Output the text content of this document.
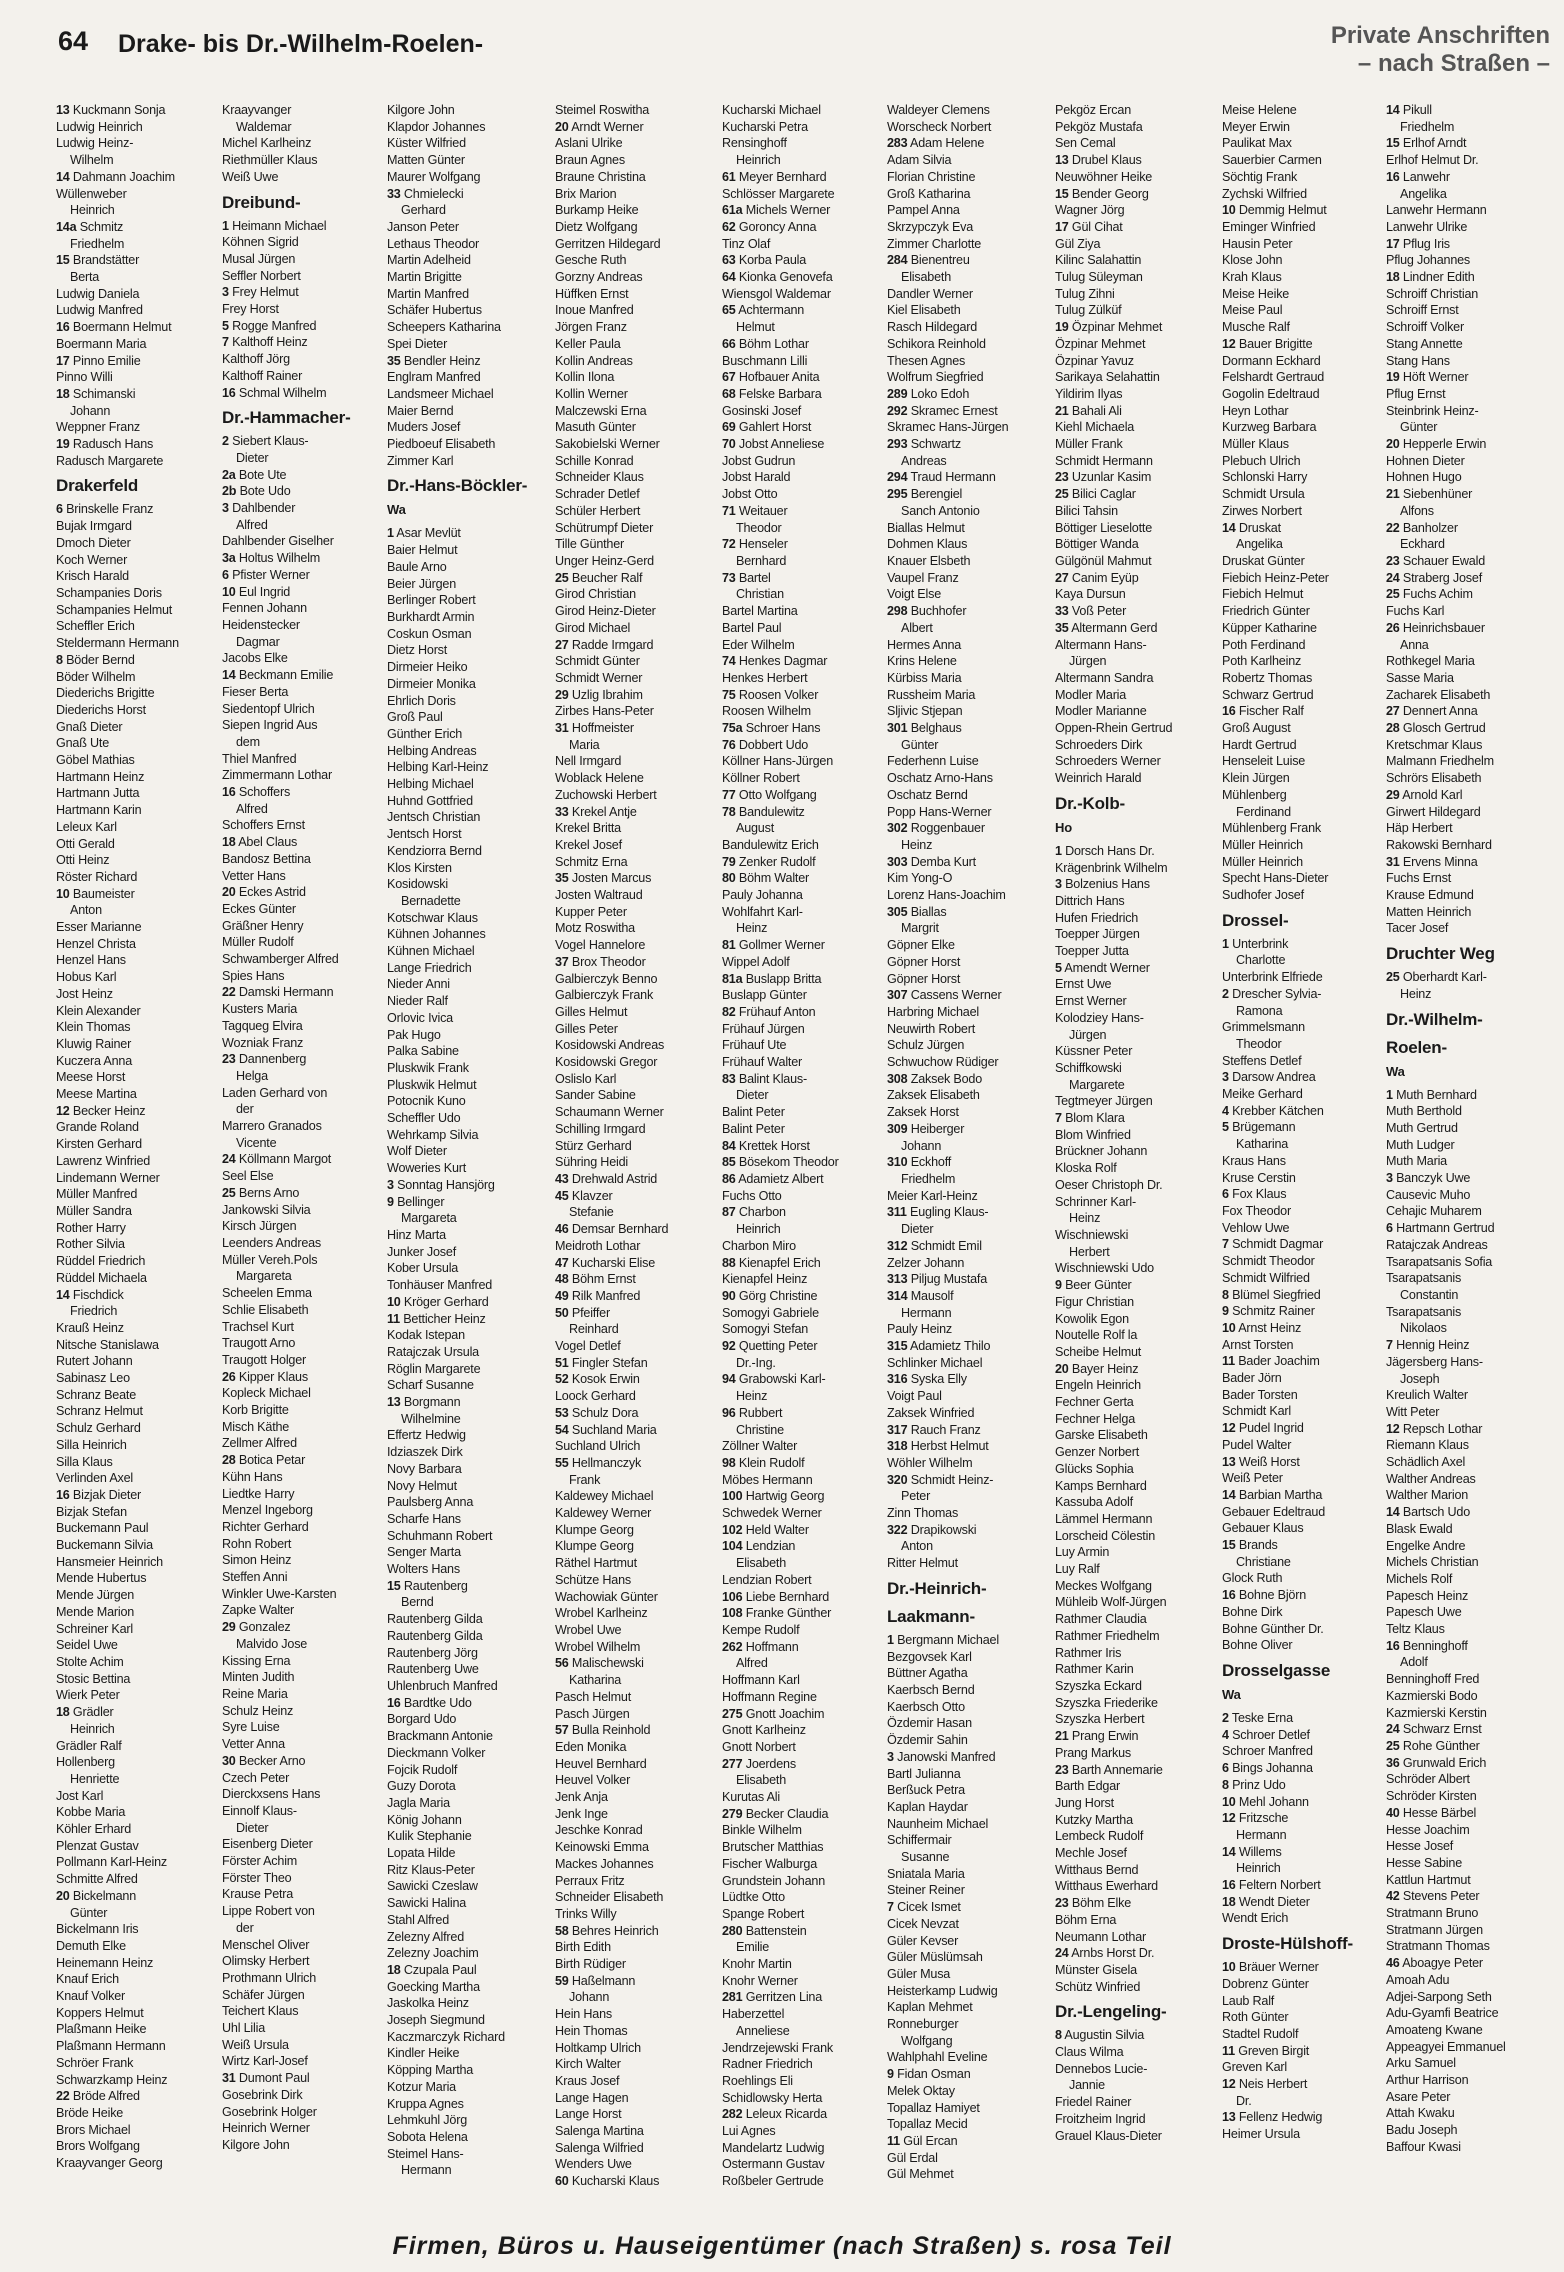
64 Drake- bis Dr.-Wilhelm-Roelen-	Private Anschriften
– nach Straßen –
13 Kuckmann Sonja
Ludwig Heinrich
Ludwig Heinz-
Wilhelm
14 Dahmann Joachim
Wüllenweber
Heinrich
14a Schmitz
Friedhelm
15 Brandstätter
Berta
Ludwig Daniela
Ludwig Manfred
16 Boermann Helmut
Boermann Maria
17 Pinno Emilie
Pinno Willi
18 Schimanski
Johann
Weppner Franz
19 Radusch Hans
Radusch Margarete
Drakerfeld
6 Brinskelle Franz
Bujak Irmgard
Dmoch Dieter
Koch Werner
Krisch Harald
Schampanies Doris
Schampanies Helmut
Scheffler Erich
Steldermann Hermann
8 Böder Bernd
Böder Wilhelm
Diederichs Brigitte
Diederichs Horst
Gnaß Dieter
Gnaß Ute
Göbel Mathias
Hartmann Heinz
Hartmann Jutta
Hartmann Karin
Leleux Karl
Otti Gerald
Otti Heinz
Röster Richard
10 Baumeister
Anton
Esser Marianne
Henzel Christa
Henzel Hans
Hobus Karl
Jost Heinz
Klein Alexander
Klein Thomas
Kluwig Rainer
Kuczera Anna
Meese Horst
Meese Martina
12 Becker Heinz
Grande Roland
Kirsten Gerhard
Lawrenz Winfried
Lindemann Werner
Müller Manfred
Müller Sandra
Rother Harry
Rother Silvia
Rüddel Friedrich
Rüddel Michaela
14 Fischdick
Friedrich
Krauß Heinz
Nitsche Stanislawa
Rutert Johann
Sabinasz Leo
Schranz Beate
Schranz Helmut
Schulz Gerhard
Silla Heinrich
Silla Klaus
Verlinden Axel
16 Bizjak Dieter
Bizjak Stefan
Buckemann Paul
Buckemann Silvia
Hansmeier Heinrich
Mende Hubertus
Mende Jürgen
Mende Marion
Schreiner Karl
Seidel Uwe
Stolte Achim
Stosic Bettina
Wierk Peter
18 Grädler
Heinrich
Grädler Ralf
Hollenberg
Henriette
Jost Karl
Kobbe Maria
Köhler Erhard
Plenzat Gustav
Pollmann Karl-Heinz
Schmitte Alfred
20 Bickelmann
Günter
Bickelmann Iris
Demuth Elke
Heinemann Heinz
Knauf Erich
Knauf Volker
Koppers Helmut
Plaßmann Heike
Plaßmann Hermann
Schröer Frank
Schwarzkamp Heinz
22 Bröde Alfred
Bröde Heike
Brors Michael
Brors Wolfgang
Kraayvanger Georg
Kraayvanger
Waldemar
Michel Karlheinz
Riethmüller Klaus
Weiß Uwe
Dreibund-
1 Heimann Michael
Köhnen Sigrid
Musal Jürgen
Seffler Norbert
3 Frey Helmut
Frey Horst
5 Rogge Manfred
7 Kalthoff Heinz
Kalthoff Jörg
Kalthoff Rainer
16 Schmal Wilhelm
Dr.-Hammacher-
2 Siebert Klaus-
Dieter
2a Bote Ute
2b Bote Udo
3 Dahlbender
Alfred
Dahlbender Giselher
3a Holtus Wilhelm
6 Pfister Werner
10 Eul Ingrid
Fennen Johann
Heidenstecker
Dagmar
Jacobs Elke
14 Beckmann Emilie
Fieser Berta
Siedentopf Ulrich
Siepen Ingrid Aus
dem
Thiel Manfred
Zimmermann Lothar
16 Schoffers
Alfred
Schoffers Ernst
18 Abel Claus
Bandosz Bettina
Vetter Hans
20 Eckes Astrid
Eckes Günter
Gräßner Henry
Müller Rudolf
Schwamberger Alfred
Spies Hans
22 Damski Hermann
Kusters Maria
Tagqueg Elvira
Wozniak Franz
23 Dannenberg
Helga
Laden Gerhard von
der
Marrero Granados
Vicente
24 Köllmann Margot
Seel Else
25 Berns Arno
Jankowski Silvia
Kirsch Jürgen
Leenders Andreas
Müller Vereh.Pols
Margareta
Scheelen Emma
Schlie Elisabeth
Trachsel Kurt
Traugott Arno
Traugott Holger
26 Kipper Klaus
Kopleck Michael
Korb Brigitte
Misch Käthe
Zellmer Alfred
28 Botica Petar
Kühn Hans
Liedtke Harry
Menzel Ingeborg
Richter Gerhard
Rohn Robert
Simon Heinz
Steffen Anni
Winkler Uwe-Karsten
Zapke Walter
29 Gonzalez
Malvido Jose
Kissing Erna
Minten Judith
Reine Maria
Schulz Heinz
Syre Luise
Vetter Anna
30 Becker Arno
Czech Peter
Dierckxsens Hans
Einnolf Klaus-
Dieter
Eisenberg Dieter
Förster Achim
Förster Theo
Krause Petra
Lippe Robert von
der
Menschel Oliver
Olimsky Herbert
Prothmann Ulrich
Schäfer Jürgen
Teichert Klaus
Uhl Lilia
Weiß Ursula
Wirtz Karl-Josef
31 Dumont Paul
Gosebrink Dirk
Gosebrink Holger
Heinrich Werner
Kilgore John
Kilgore John
Klapdor Johannes
Küster Wilfried
Matten Günter
Maurer Wolfgang
33 Chmielecki
Gerhard
Janson Peter
Lethaus Theodor
Martin Adelheid
Martin Brigitte
Martin Manfred
Schäfer Hubertus
Scheepers Katharina
Spei Dieter
35 Bendler Heinz
Englram Manfred
Landsmeer Michael
Maier Bernd
Muders Josef
Piedboeuf Elisabeth
Zimmer Karl
Dr.-Hans-Böckler-
Wa
1 Asar Mevlüt
Baier Helmut
Baule Arno
Beier Jürgen
Berlinger Robert
Burkhardt Armin
Coskun Osman
Dietz Horst
Dirmeier Heiko
Dirmeier Monika
Ehrlich Doris
Groß Paul
Günther Erich
Helbing Andreas
Helbing Karl-Heinz
Helbing Michael
Huhnd Gottfried
Jentsch Christian
Jentsch Horst
Kendziorra Bernd
Klos Kirsten
Kosidowski
Bernadette
Kotschwar Klaus
Kühnen Johannes
Kühnen Michael
Lange Friedrich
Nieder Anni
Nieder Ralf
Orlovic Ivica
Pak Hugo
Palka Sabine
Pluskwik Frank
Pluskwik Helmut
Potocnik Kuno
Scheffler Udo
Wehrkamp Silvia
Wolf Dieter
Woweries Kurt
3 Sonntag Hansjörg
9 Bellinger
Margareta
Hinz Marta
Junker Josef
Kober Ursula
Tonhäuser Manfred
10 Kröger Gerhard
11 Betticher Heinz
Kodak Istepan
Ratajczak Ursula
Röglin Margarete
Scharf Susanne
13 Borgmann
Wilhelmine
Effertz Hedwig
Idziaszek Dirk
Novy Barbara
Novy Helmut
Paulsberg Anna
Scharfe Hans
Schuhmann Robert
Senger Marta
Wolters Hans
15 Rautenberg
Bernd
Rautenberg Gilda
Rautenberg Gilda
Rautenberg Jörg
Rautenberg Uwe
Uhlenbruch Manfred
16 Bardtke Udo
Borgard Udo
Brackmann Antonie
Dieckmann Volker
Fojcik Rudolf
Guzy Dorota
Jagla Maria
König Johann
Kulik Stephanie
Lopata Hilde
Ritz Klaus-Peter
Sawicki Czeslaw
Sawicki Halina
Stahl Alfred
Zelezny Alfred
Zelezny Joachim
18 Czupala Paul
Goecking Martha
Jaskolka Heinz
Joseph Siegmund
Kaczmarczyk Richard
Kindler Heike
Köpping Martha
Kotzur Maria
Kruppa Agnes
Lehmkuhl Jörg
Sobota Helena
Steimel Hans-
Hermann
Steimel Roswitha
20 Arndt Werner
Aslani Ulrike
Braun Agnes
Braune Christina
Brix Marion
Burkamp Heike
Dietz Wolfgang
Gerritzen Hildegard
Gesche Ruth
Gorzny Andreas
Hüffken Ernst
Inoue Manfred
Jörgen Franz
Keller Paula
Kollin Andreas
Kollin Ilona
Kollin Werner
Malczewski Erna
Masuth Günter
Sakobielski Werner
Schille Konrad
Schneider Klaus
Schrader Detlef
Schüler Herbert
Schütrumpf Dieter
Tille Günther
Unger Heinz-Gerd
25 Beucher Ralf
Girod Christian
Girod Heinz-Dieter
Girod Michael
27 Radde Irmgard
Schmidt Günter
Schmidt Werner
29 Uzlig Ibrahim
Zirbes Hans-Peter
31 Hoffmeister
Maria
Nell Irmgard
Woblack Helene
Zuchowski Herbert
33 Krekel Antje
Krekel Britta
Krekel Josef
Schmitz Erna
35 Josten Marcus
Josten Waltraud
Kupper Peter
Motz Roswitha
Vogel Hannelore
37 Brox Theodor
Galbierczyk Benno
Galbierczyk Frank
Gilles Helmut
Gilles Peter
Kosidowski Andreas
Kosidowski Gregor
Oslislo Karl
Sander Sabine
Schaumann Werner
Schilling Irmgard
Stürz Gerhard
Sühring Heidi
43 Drehwald Astrid
45 Klavzer
Stefanie
46 Demsar Bernhard
Meidroth Lothar
47 Kucharski Elise
48 Böhm Ernst
49 Rilk Manfred
50 Pfeiffer
Reinhard
Vogel Detlef
51 Fingler Stefan
52 Kosok Erwin
Loock Gerhard
53 Schulz Dora
54 Suchland Maria
Suchland Ulrich
55 Hellmanczyk
Frank
Kaldewey Michael
Kaldewey Werner
Klumpe Georg
Klumpe Georg
Räthel Hartmut
Schütze Hans
Wachowiak Günter
Wrobel Karlheinz
Wrobel Uwe
Wrobel Wilhelm
56 Malischewski
Katharina
Pasch Helmut
Pasch Jürgen
57 Bulla Reinhold
Eden Monika
Heuvel Bernhard
Heuvel Volker
Jenk Anja
Jenk Inge
Jeschke Konrad
Keinowski Emma
Mackes Johannes
Perraux Fritz
Schneider Elisabeth
Trinks Willy
58 Behres Heinrich
Birth Edith
Birth Rüdiger
59 Haßelmann
Johann
Hein Hans
Hein Thomas
Holtkamp Ulrich
Kirch Walter
Kraus Josef
Lange Hagen
Lange Horst
Salenga Martina
Salenga Wilfried
Wenders Uwe
60 Kucharski Klaus
Kucharski Michael
Kucharski Petra
Rensinghoff
Heinrich
61 Meyer Bernhard
Schlösser Margarete
61a Michels Werner
62 Goroncy Anna
Tinz Olaf
63 Korba Paula
64 Kionka Genovefa
Wiensgol Waldemar
65 Achtermann
Helmut
66 Böhm Lothar
Buschmann Lilli
67 Hofbauer Anita
68 Felske Barbara
Gosinski Josef
69 Gahlert Horst
70 Jobst Anneliese
Jobst Gudrun
Jobst Harald
Jobst Otto
71 Weitauer
Theodor
72 Henseler
Bernhard
73 Bartel
Christian
Bartel Martina
Bartel Paul
Eder Wilhelm
74 Henkes Dagmar
Henkes Herbert
75 Roosen Volker
Roosen Wilhelm
75a Schroer Hans
76 Dobbert Udo
Köllner Hans-Jürgen
Köllner Robert
77 Otto Wolfgang
78 Bandulewitz
August
Bandulewitz Erich
79 Zenker Rudolf
80 Böhm Walter
Pauly Johanna
Wohlfahrt Karl-
Heinz
81 Gollmer Werner
Wippel Adolf
81a Buslapp Britta
Buslapp Günter
82 Frühauf Anton
Frühauf Jürgen
Frühauf Ute
Frühauf Walter
83 Balint Klaus-
Dieter
Balint Peter
Balint Peter
84 Krettek Horst
85 Bösekom Theodor
86 Adamietz Albert
Fuchs Otto
87 Charbon
Heinrich
Charbon Miro
88 Kienapfel Erich
Kienapfel Heinz
90 Görg Christine
Somogyi Gabriele
Somogyi Stefan
92 Quetting Peter
Dr.-Ing.
94 Grabowski Karl-
Heinz
96 Rubbert
Christine
Zöllner Walter
98 Klein Rudolf
Möbes Hermann
100 Hartwig Georg
Schwedek Werner
102 Held Walter
104 Lendzian
Elisabeth
Lendzian Robert
106 Liebe Bernhard
108 Franke Günther
Kempe Rudolf
262 Hoffmann
Alfred
Hoffmann Karl
Hoffmann Regine
275 Gnott Joachim
Gnott Karlheinz
Gnott Norbert
277 Joerdens
Elisabeth
Kurutas Ali
279 Becker Claudia
Binkle Wilhelm
Brutscher Matthias
Fischer Walburga
Grundstein Johann
Lüdtke Otto
Spange Robert
280 Battenstein
Emilie
Knohr Martin
Knohr Werner
281 Gerritzen Lina
Haberzettel
Anneliese
Jendrzejewski Frank
Radner Friedrich
Roehlings Eli
Schidlowsky Herta
282 Leleux Ricarda
Lui Agnes
Mandelartz Ludwig
Ostermann Gustav
Roßbeler Gertrude
Waldeyer Clemens
Worscheck Norbert
283 Adam Helene
Adam Silvia
Florian Christine
Groß Katharina
Pampel Anna
Skrzypczyk Eva
Zimmer Charlotte
284 Bienentreu
Elisabeth
Dandler Werner
Kiel Elisabeth
Rasch Hildegard
Schikora Reinhold
Thesen Agnes
Wolfrum Siegfried
289 Loko Edoh
292 Skramec Ernest
Skramec Hans-Jürgen
293 Schwartz
Andreas
294 Traud Hermann
295 Berengiel
Sanch Antonio
Biallas Helmut
Dohmen Klaus
Knauer Elsbeth
Vaupel Franz
Voigt Else
298 Buchhofer
Albert
Hermes Anna
Krins Helene
Kürbiss Maria
Russheim Maria
Sljivic Stjepan
301 Belghaus
Günter
Federhenn Luise
Oschatz Arno-Hans
Oschatz Bernd
Popp Hans-Werner
302 Roggenbauer
Heinz
303 Demba Kurt
Kim Yong-O
Lorenz Hans-Joachim
305 Biallas
Margrit
Göpner Elke
Göpner Horst
Göpner Horst
307 Cassens Werner
Harbring Michael
Neuwirth Robert
Schulz Jürgen
Schwuchow Rüdiger
308 Zaksek Bodo
Zaksek Elisabeth
Zaksek Horst
309 Heiberger
Johann
310 Eckhoff
Friedhelm
Meier Karl-Heinz
311 Eugling Klaus-
Dieter
312 Schmidt Emil
Zelzer Johann
313 Piljug Mustafa
314 Mausolf
Hermann
Pauly Heinz
315 Adamietz Thilo
Schlinker Michael
316 Syska Elly
Voigt Paul
Zaksek Winfried
317 Rauch Franz
318 Herbst Helmut
Wöhler Wilhelm
320 Schmidt Heinz-
Peter
Zinn Thomas
322 Drapikowski
Anton
Ritter Helmut
Dr.-Heinrich-
Laakmann-
1 Bergmann Michael
Bezgovsek Karl
Büttner Agatha
Kaerbsch Bernd
Kaerbsch Otto
Özdemir Hasan
Özdemir Sahin
3 Janowski Manfred
Bartl Julianna
Berßuck Petra
Kaplan Haydar
Naunheim Michael
Schiffermair
Susanne
Sniatala Maria
Steiner Reiner
7 Cicek Ismet
Cicek Nevzat
Güler Kevser
Güler Müslümsah
Güler Musa
Heisterkamp Ludwig
Kaplan Mehmet
Ronneburger
Wolfgang
Wahlphahl Eveline
9 Fidan Osman
Melek Oktay
Topallaz Hamiyet
Topallaz Mecid
11 Gül Ercan
Gül Erdal
Gül Mehmet
Pekgöz Ercan
Pekgöz Mustafa
Sen Cemal
13 Drubel Klaus
Neuwöhner Heike
15 Bender Georg
Wagner Jörg
17 Gül Cihat
Gül Ziya
Kilinc Salahattin
Tulug Süleyman
Tulug Zihni
Tulug Zülküf
19 Özpinar Mehmet
Özpinar Mehmet
Özpinar Yavuz
Sarikaya Selahattin
Yildirim Ilyas
21 Bahali Ali
Kiehl Michaela
Müller Frank
Schmidt Hermann
23 Uzunlar Kasim
25 Bilici Caglar
Bilici Tahsin
Böttiger Lieselotte
Böttiger Wanda
Gülgönül Mahmut
27 Canim Eyüp
Kaya Dursun
33 Voß Peter
35 Altermann Gerd
Altermann Hans-
Jürgen
Altermann Sandra
Modler Maria
Modler Marianne
Oppen-Rhein Gertrud
Schroeders Dirk
Schroeders Werner
Weinrich Harald
Dr.-Kolb-
Ho
1 Dorsch Hans Dr.
Krägenbrink Wilhelm
3 Bolzenius Hans
Dittrich Hans
Hufen Friedrich
Toepper Jürgen
Toepper Jutta
5 Amendt Werner
Ernst Uwe
Ernst Werner
Kolodziey Hans-
Jürgen
Küssner Peter
Schiffkowski
Margarete
Tegtmeyer Jürgen
7 Blom Klara
Blom Winfried
Brückner Johann
Kloska Rolf
Oeser Christoph Dr.
Schrinner Karl-
Heinz
Wischniewski
Herbert
Wischniewski Udo
9 Beer Günter
Figur Christian
Kowolik Egon
Noutelle Rolf la
Scheibe Helmut
20 Bayer Heinz
Engeln Heinrich
Fechner Gerta
Fechner Helga
Garske Elisabeth
Genzer Norbert
Glücks Sophia
Kamps Bernhard
Kassuba Adolf
Lämmel Hermann
Lorscheid Cölestin
Luy Armin
Luy Ralf
Meckes Wolfgang
Mühleib Wolf-Jürgen
Rathmer Claudia
Rathmer Friedhelm
Rathmer Iris
Rathmer Karin
Szyszka Eckard
Szyszka Friederike
Szyszka Herbert
21 Prang Erwin
Prang Markus
23 Barth Annemarie
Barth Edgar
Jung Horst
Kutzky Martha
Lembeck Rudolf
Mechle Josef
Witthaus Bernd
Witthaus Ewerhard
23 Böhm Elke
Böhm Erna
Neumann Lothar
24 Arnbs Horst Dr.
Münster Gisela
Schütz Winfried
Dr.-Lengeling-
8 Augustin Silvia
Claus Wilma
Dennebos Lucie-
Jannie
Friedel Rainer
Froitzheim Ingrid
Grauel Klaus-Dieter
Meise Helene
Meyer Erwin
Paulikat Max
Sauerbier Carmen
Söchtig Frank
Zychski Wilfried
10 Demmig Helmut
Eminger Winfried
Hausin Peter
Klose John
Krah Klaus
Meise Heike
Meise Paul
Musche Ralf
12 Bauer Brigitte
Dormann Eckhard
Felshardt Gertraud
Gogolin Edeltraud
Heyn Lothar
Kurzweg Barbara
Müller Klaus
Plebuch Ulrich
Schlonski Harry
Schmidt Ursula
Zirwes Norbert
14 Druskat
Angelika
Druskat Günter
Fiebich Heinz-Peter
Fiebich Helmut
Friedrich Günter
Küpper Katharine
Poth Ferdinand
Poth Karlheinz
Robertz Thomas
Schwarz Gertrud
16 Fischer Ralf
Groß August
Hardt Gertrud
Henseleit Luise
Klein Jürgen
Mühlenberg
Ferdinand
Mühlenberg Frank
Müller Heinrich
Müller Heinrich
Specht Hans-Dieter
Sudhofer Josef
Drossel-
1 Unterbrink
Charlotte
Unterbrink Elfriede
2 Drescher Sylvia-
Ramona
Grimmelsmann
Theodor
Steffens Detlef
3 Darsow Andrea
Meike Gerhard
4 Krebber Kätchen
5 Brügemann
Katharina
Kraus Hans
Kruse Cerstin
6 Fox Klaus
Fox Theodor
Vehlow Uwe
7 Schmidt Dagmar
Schmidt Theodor
Schmidt Wilfried
8 Blümel Siegfried
9 Schmitz Rainer
10 Arnst Heinz
Arnst Torsten
11 Bader Joachim
Bader Jörn
Bader Torsten
Schmidt Karl
12 Pudel Ingrid
Pudel Walter
13 Weiß Horst
Weiß Peter
14 Barbian Martha
Gebauer Edeltraud
Gebauer Klaus
15 Brands
Christiane
Glock Ruth
16 Bohne Björn
Bohne Dirk
Bohne Günther Dr.
Bohne Oliver
Drosselgasse
Wa
2 Teske Erna
4 Schroer Detlef
Schroer Manfred
6 Bings Johanna
8 Prinz Udo
10 Mehl Johann
12 Fritzsche
Hermann
14 Willems
Heinrich
16 Feltern Norbert
18 Wendt Dieter
Wendt Erich
Droste-Hülshoff-
10 Bräuer Werner
Dobrenz Günter
Laub Ralf
Roth Günter
Stadtel Rudolf
11 Greven Birgit
Greven Karl
12 Neis Herbert
Dr.
13 Fellenz Hedwig
Heimer Ursula
14 Pikull
Friedhelm
15 Erlhof Arndt
Erlhof Helmut Dr.
16 Lanwehr
Angelika
Lanwehr Hermann
Lanwehr Ulrike
17 Pflug Iris
Pflug Johannes
18 Lindner Edith
Schroiff Christian
Schroiff Ernst
Schroiff Volker
Stang Annette
Stang Hans
19 Höft Werner
Pflug Ernst
Steinbrink Heinz-
Günter
20 Hepperle Erwin
Hohnen Dieter
Hohnen Hugo
21 Siebenhüner
Alfons
22 Banholzer
Eckhard
23 Schauer Ewald
24 Straberg Josef
25 Fuchs Achim
Fuchs Karl
26 Heinrichsbauer
Anna
Rothkegel Maria
Sasse Maria
Zacharek Elisabeth
27 Dennert Anna
28 Glosch Gertrud
Kretschmar Klaus
Malmann Friedhelm
Schrörs Elisabeth
29 Arnold Karl
Girwert Hildegard
Häp Herbert
Rakowski Bernhard
31 Ervens Minna
Fuchs Ernst
Krause Edmund
Matten Heinrich
Tacer Josef
Druchter Weg
25 Oberhardt Karl-
Heinz
Dr.-Wilhelm-
Roelen-
Wa
1 Muth Bernhard
Muth Berthold
Muth Gertrud
Muth Ludger
Muth Maria
3 Banczyk Uwe
Causevic Muho
Cehajic Muharem
6 Hartmann Gertrud
Ratajczak Andreas
Tsarapatsanis Sofia
Tsarapatsanis
Constantin
Tsarapatsanis
Nikolaos
7 Hennig Heinz
Jägersberg Hans-
Joseph
Kreulich Walter
Witt Peter
12 Repsch Lothar
Riemann Klaus
Schädlich Axel
Walther Andreas
Walther Marion
14 Bartsch Udo
Blask Ewald
Engelke Andre
Michels Christian
Michels Rolf
Papesch Heinz
Papesch Uwe
Teltz Klaus
16 Benninghoff
Adolf
Benninghoff Fred
Kazmierski Bodo
Kazmierski Kerstin
24 Schwarz Ernst
25 Rohe Günther
36 Grunwald Erich
Schröder Albert
Schröder Kirsten
40 Hesse Bärbel
Hesse Joachim
Hesse Josef
Hesse Sabine
Kattlun Hartmut
42 Stevens Peter
Stratmann Bruno
Stratmann Jürgen
Stratmann Thomas
46 Aboagye Peter
Amoah Adu
Adjei-Sarpong Seth
Adu-Gyamfi Beatrice
Amoateng Kwane
Appeagyei Emmanuel
Arku Samuel
Arthur Harrison
Asare Peter
Attah Kwaku
Badu Joseph
Baffour Kwasi
Firmen, Büros u. Hauseigentümer (nach Straßen) s. rosa Teil
